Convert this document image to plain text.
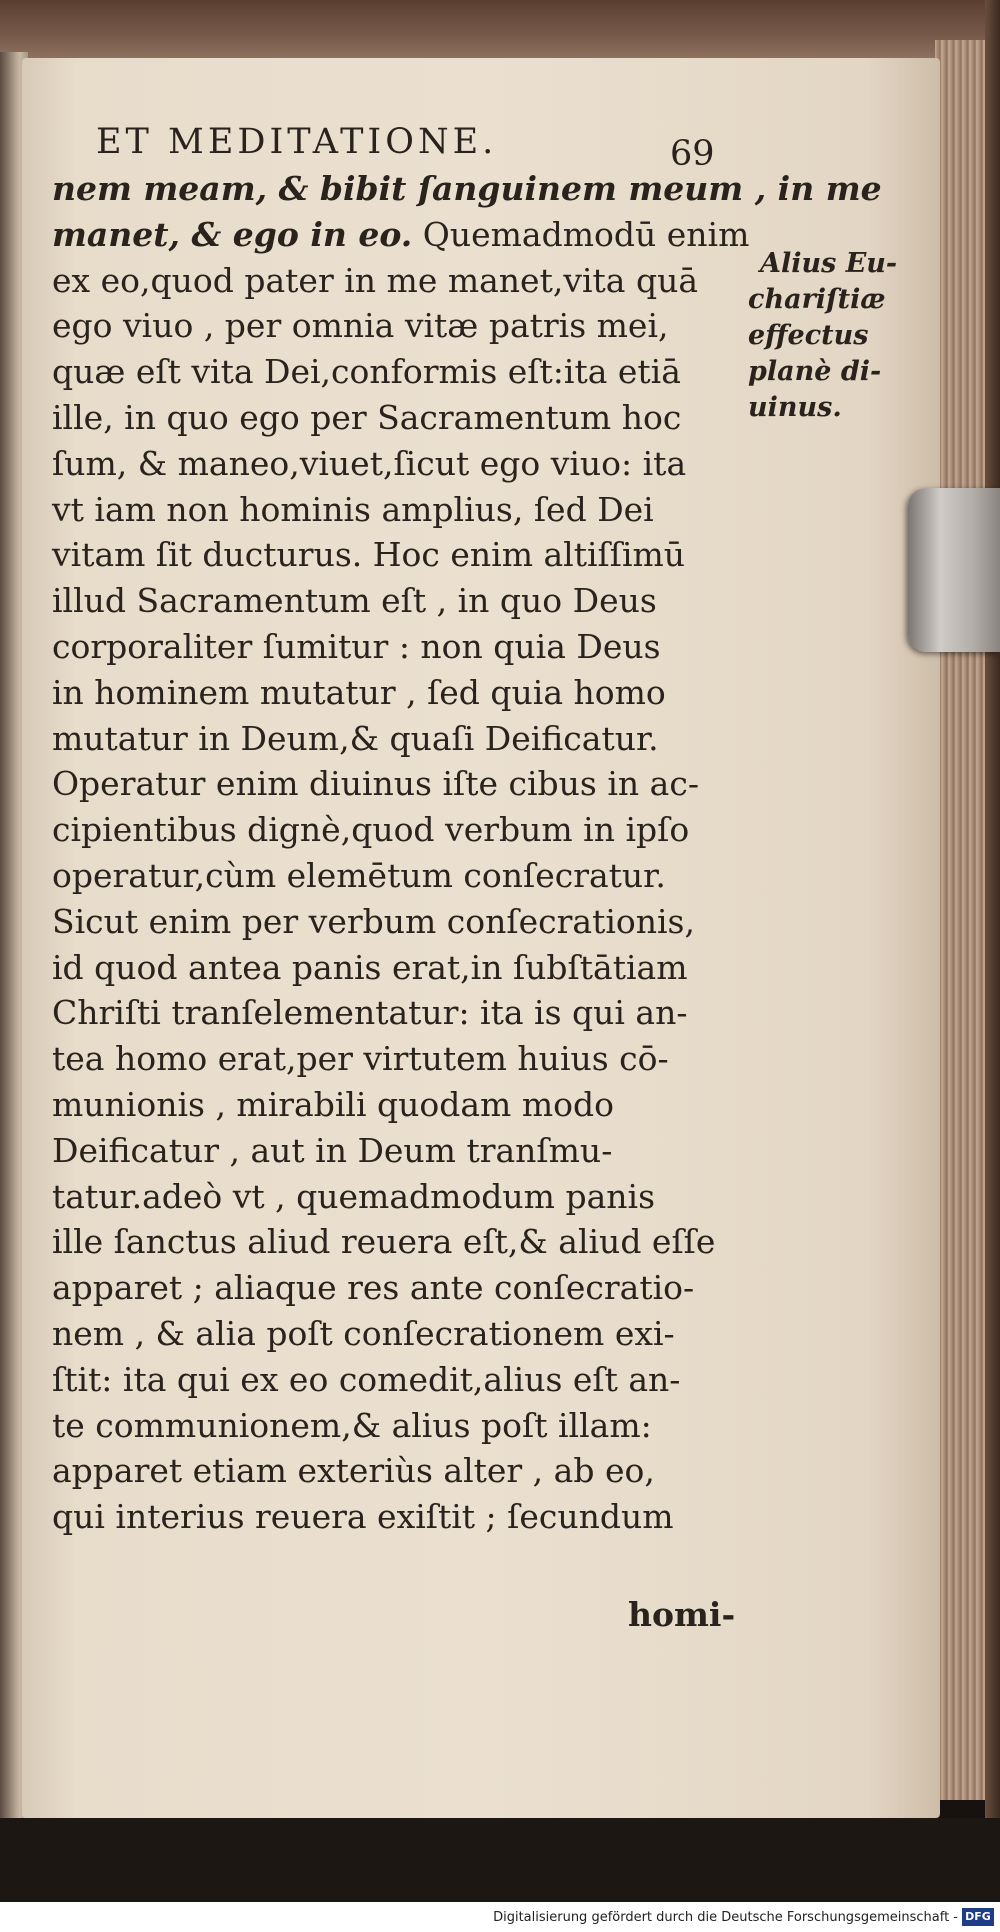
ET MEDITATIONE.	69
nem meam, & bibit ſanguinem meum , in me
manet, & ego in eo. Quemadmodū enim
ex eo,quod pater in me manet,vita quā
ego viuo , per omnia vitæ patris mei,
quæ eſt vita Dei,conformis eſt:ita etiā
ille, in quo ego per Sacramentum hoc
ſum, & maneo,viuet,ſicut ego viuo: ita
vt iam non hominis amplius, ſed Dei
vitam ſit ducturus. Hoc enim altiſſimū
illud Sacramentum eſt , in quo Deus
corporaliter ſumitur : non quia Deus
in hominem mutatur , ſed quia homo
mutatur in Deum,& quaſi Deificatur.
Operatur enim diuinus iſte cibus in ac-
cipientibus dignè,quod verbum in ipſo
operatur,cùm elemētum conſecratur.
Sicut enim per verbum conſecrationis,
id quod antea panis erat,in ſubſtātiam
Chriſti tranſelementatur: ita is qui an-
tea homo erat,per virtutem huius cō-
munionis , mirabili quodam modo
Deificatur , aut in Deum tranſmu-
tatur.adeò vt , quemadmodum panis
ille ſanctus aliud reuera eſt,& aliud eſſe
apparet ; aliaque res ante conſecratio-
nem , & alia poſt conſecrationem exi-
ſtit: ita qui ex eo comedit,alius eſt an-
te communionem,& alius poſt illam:
apparet etiam exteriùs alter , ab eo,
qui interius reuera exiſtit ; ſecundum
Alius Eu-
chariſtiæ
effectus
planè di-
uinus.
homi-
Digitalisierung gefördert durch die Deutsche Forschungsgemeinschaft - DFG
